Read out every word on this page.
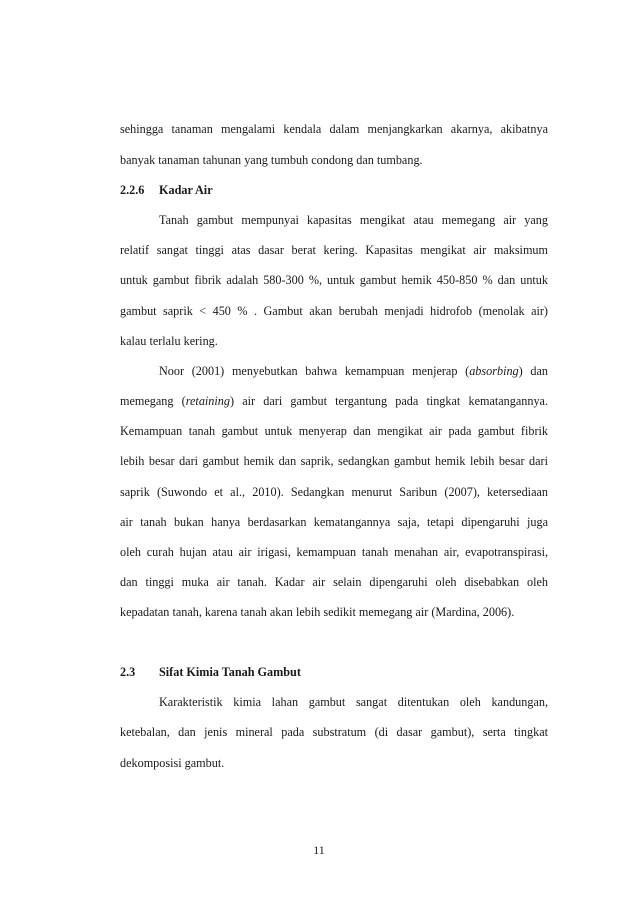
sehingga tanaman mengalami kendala dalam menjangkarkan akarnya, akibatnya
banyak tanaman tahunan yang tumbuh condong dan tumbang.
2.2.6 Kadar Air
Tanah gambut mempunyai kapasitas mengikat atau memegang air yang
relatif sangat tinggi atas dasar berat kering. Kapasitas mengikat air maksimum
untuk gambut fibrik adalah 580-300 %, untuk gambut hemik 450-850 % dan untuk
gambut saprik < 450 % . Gambut akan berubah menjadi hidrofob (menolak air)
kalau terlalu kering.
Noor (2001) menyebutkan bahwa kemampuan menjerap (absorbing) dan
memegang (retaining) air dari gambut tergantung pada tingkat kematangannya.
Kemampuan tanah gambut untuk menyerap dan mengikat air pada gambut fibrik
lebih besar dari gambut hemik dan saprik, sedangkan gambut hemik lebih besar dari
saprik (Suwondo et al., 2010). Sedangkan menurut Saribun (2007), ketersediaan
air tanah bukan hanya berdasarkan kematangannya saja, tetapi dipengaruhi juga
oleh curah hujan atau air irigasi, kemampuan tanah menahan air, evapotranspirasi,
dan tinggi muka air tanah. Kadar air selain dipengaruhi oleh disebabkan oleh
kepadatan tanah, karena tanah akan lebih sedikit memegang air (Mardina, 2006).
2.3 Sifat Kimia Tanah Gambut
Karakteristik kimia lahan gambut sangat ditentukan oleh kandungan,
ketebalan, dan jenis mineral pada substratum (di dasar gambut), serta tingkat
dekomposisi gambut.
11
